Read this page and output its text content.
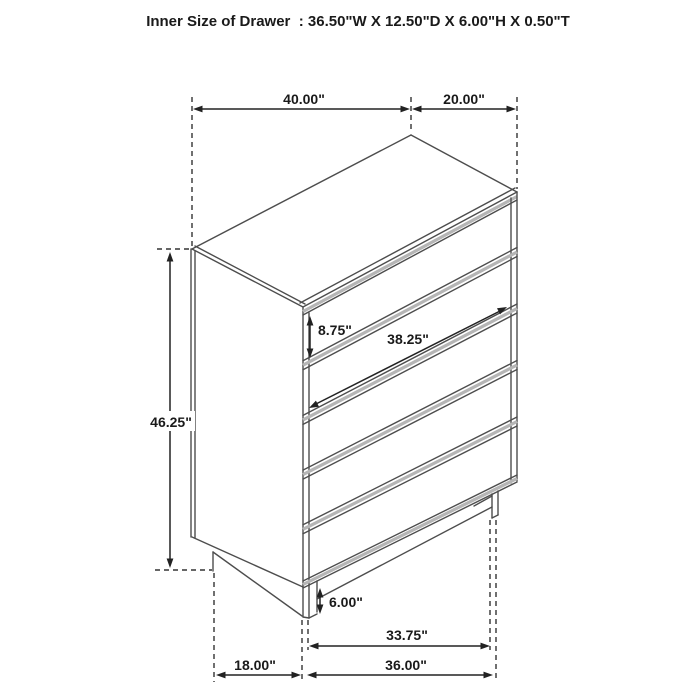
40.00"	20.00"
46.25"
8.75"
38.25"
6.00"
33.75"
18.00"	36.00"
Inner Size of Drawer  : 36.50"W X 12.50"D X 6.00"H X 0.50"T
